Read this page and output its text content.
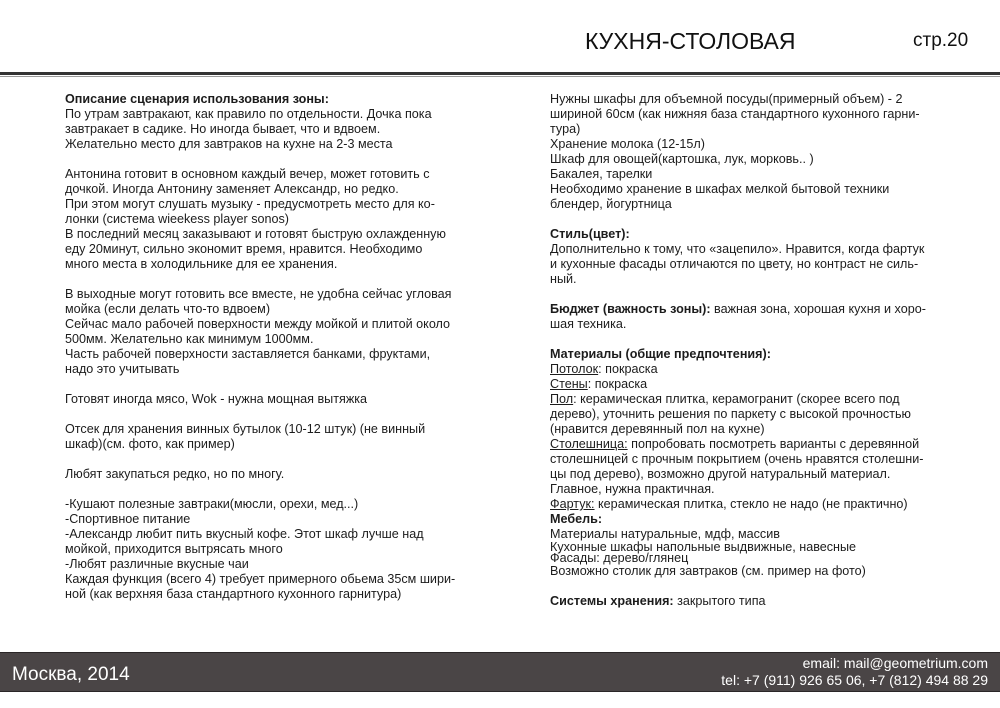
КУХНЯ-СТОЛОВАЯ	стр.20

Описание сценария использования зоны:

По утрам завтракают, как правило по отдельности. Дочка пока

завтракает в садике. Но иногда бывает, что и вдвоем.

Желательно место для завтраков на кухне на 2-3 места

Антонина готовит в основном каждый вечер, может готовить с

дочкой. Иногда Антонину заменяет Александр, но редко.

При этом могут слушать музыку - предусмотреть место для ко-

лонки (система wieekess player sonos)

В последний месяц заказывают и готовят быструю охлажденную

еду 20минут, сильно экономит время, нравится. Необходимо

много места в холодильнике для ее хранения.

В выходные могут готовить все вместе, не удобна сейчас угловая

мойка (если делать что-то вдвоем)

Сейчас мало рабочей поверхности между мойкой и плитой около

500мм. Желательно как минимум 1000мм.

Часть рабочей поверхности заставляется банками, фруктами,

надо это учитывать

Готовят иногда мясо, Wok - нужна мощная вытяжка

Отсек для хранения винных бутылок (10-12 штук) (не винный

шкаф)(см. фото, как пример)

Любят закупаться редко, но по многу.

-Кушают полезные завтраки(мюсли, орехи, мед...)

-Спортивное питание

-Александр любит пить вкусный кофе. Этот шкаф лучше над

мойкой, приходится вытрясать много

-Любят различные вкусные чаи

Каждая функция (всего 4) требует примерного обьема 35см шири-

ной (как верхняя база стандартного кухонного гарнитура)

Нужны шкафы для объемной посуды(примерный объем) - 2

шириной 60см (как нижняя база стандартного кухонного гарни-

тура)

Хранение молока (12-15л)

Шкаф для овощей(картошка, лук, морковь.. )

Бакалея, тарелки

Необходимо хранение в шкафах мелкой бытовой техники

блендер, йогуртница

Стиль(цвет):

Дополнительно к тому, что «зацепило». Нравится, когда фартук

и кухонные фасады отличаются по цвету, но контраст не силь-

ный.

Бюджет (важность зоны): важная зона, хорошая кухня и хоро-

шая техника.

Материалы (общие предпочтения):

Потолок: покраска

Стены: покраска

Пол: керамическая плитка, керамогранит (скорее всего под

дерево), уточнить решения по паркету с высокой прочностью

(нравится деревянный пол на кухне)

Столешница: попробовать посмотреть варианты с деревянной

столешницей с прочным покрытием (очень нравятся столешни-

цы под дерево), возможно другой натуральный материал.

Главное, нужна практичная.

Фартук: керамическая плитка, стекло не надо (не практично)

Мебель:

Материалы натуральные, мдф, массив

Кухонные шкафы напольные выдвижные, навесные

Фасады: дерево/глянец

Возможно столик для завтраков (см. пример на фото)

Системы хранения: закрытого типа

Москва, 2014
email: mail@geometrium.com
tel: +7 (911) 926 65 06, +7 (812) 494 88 29
